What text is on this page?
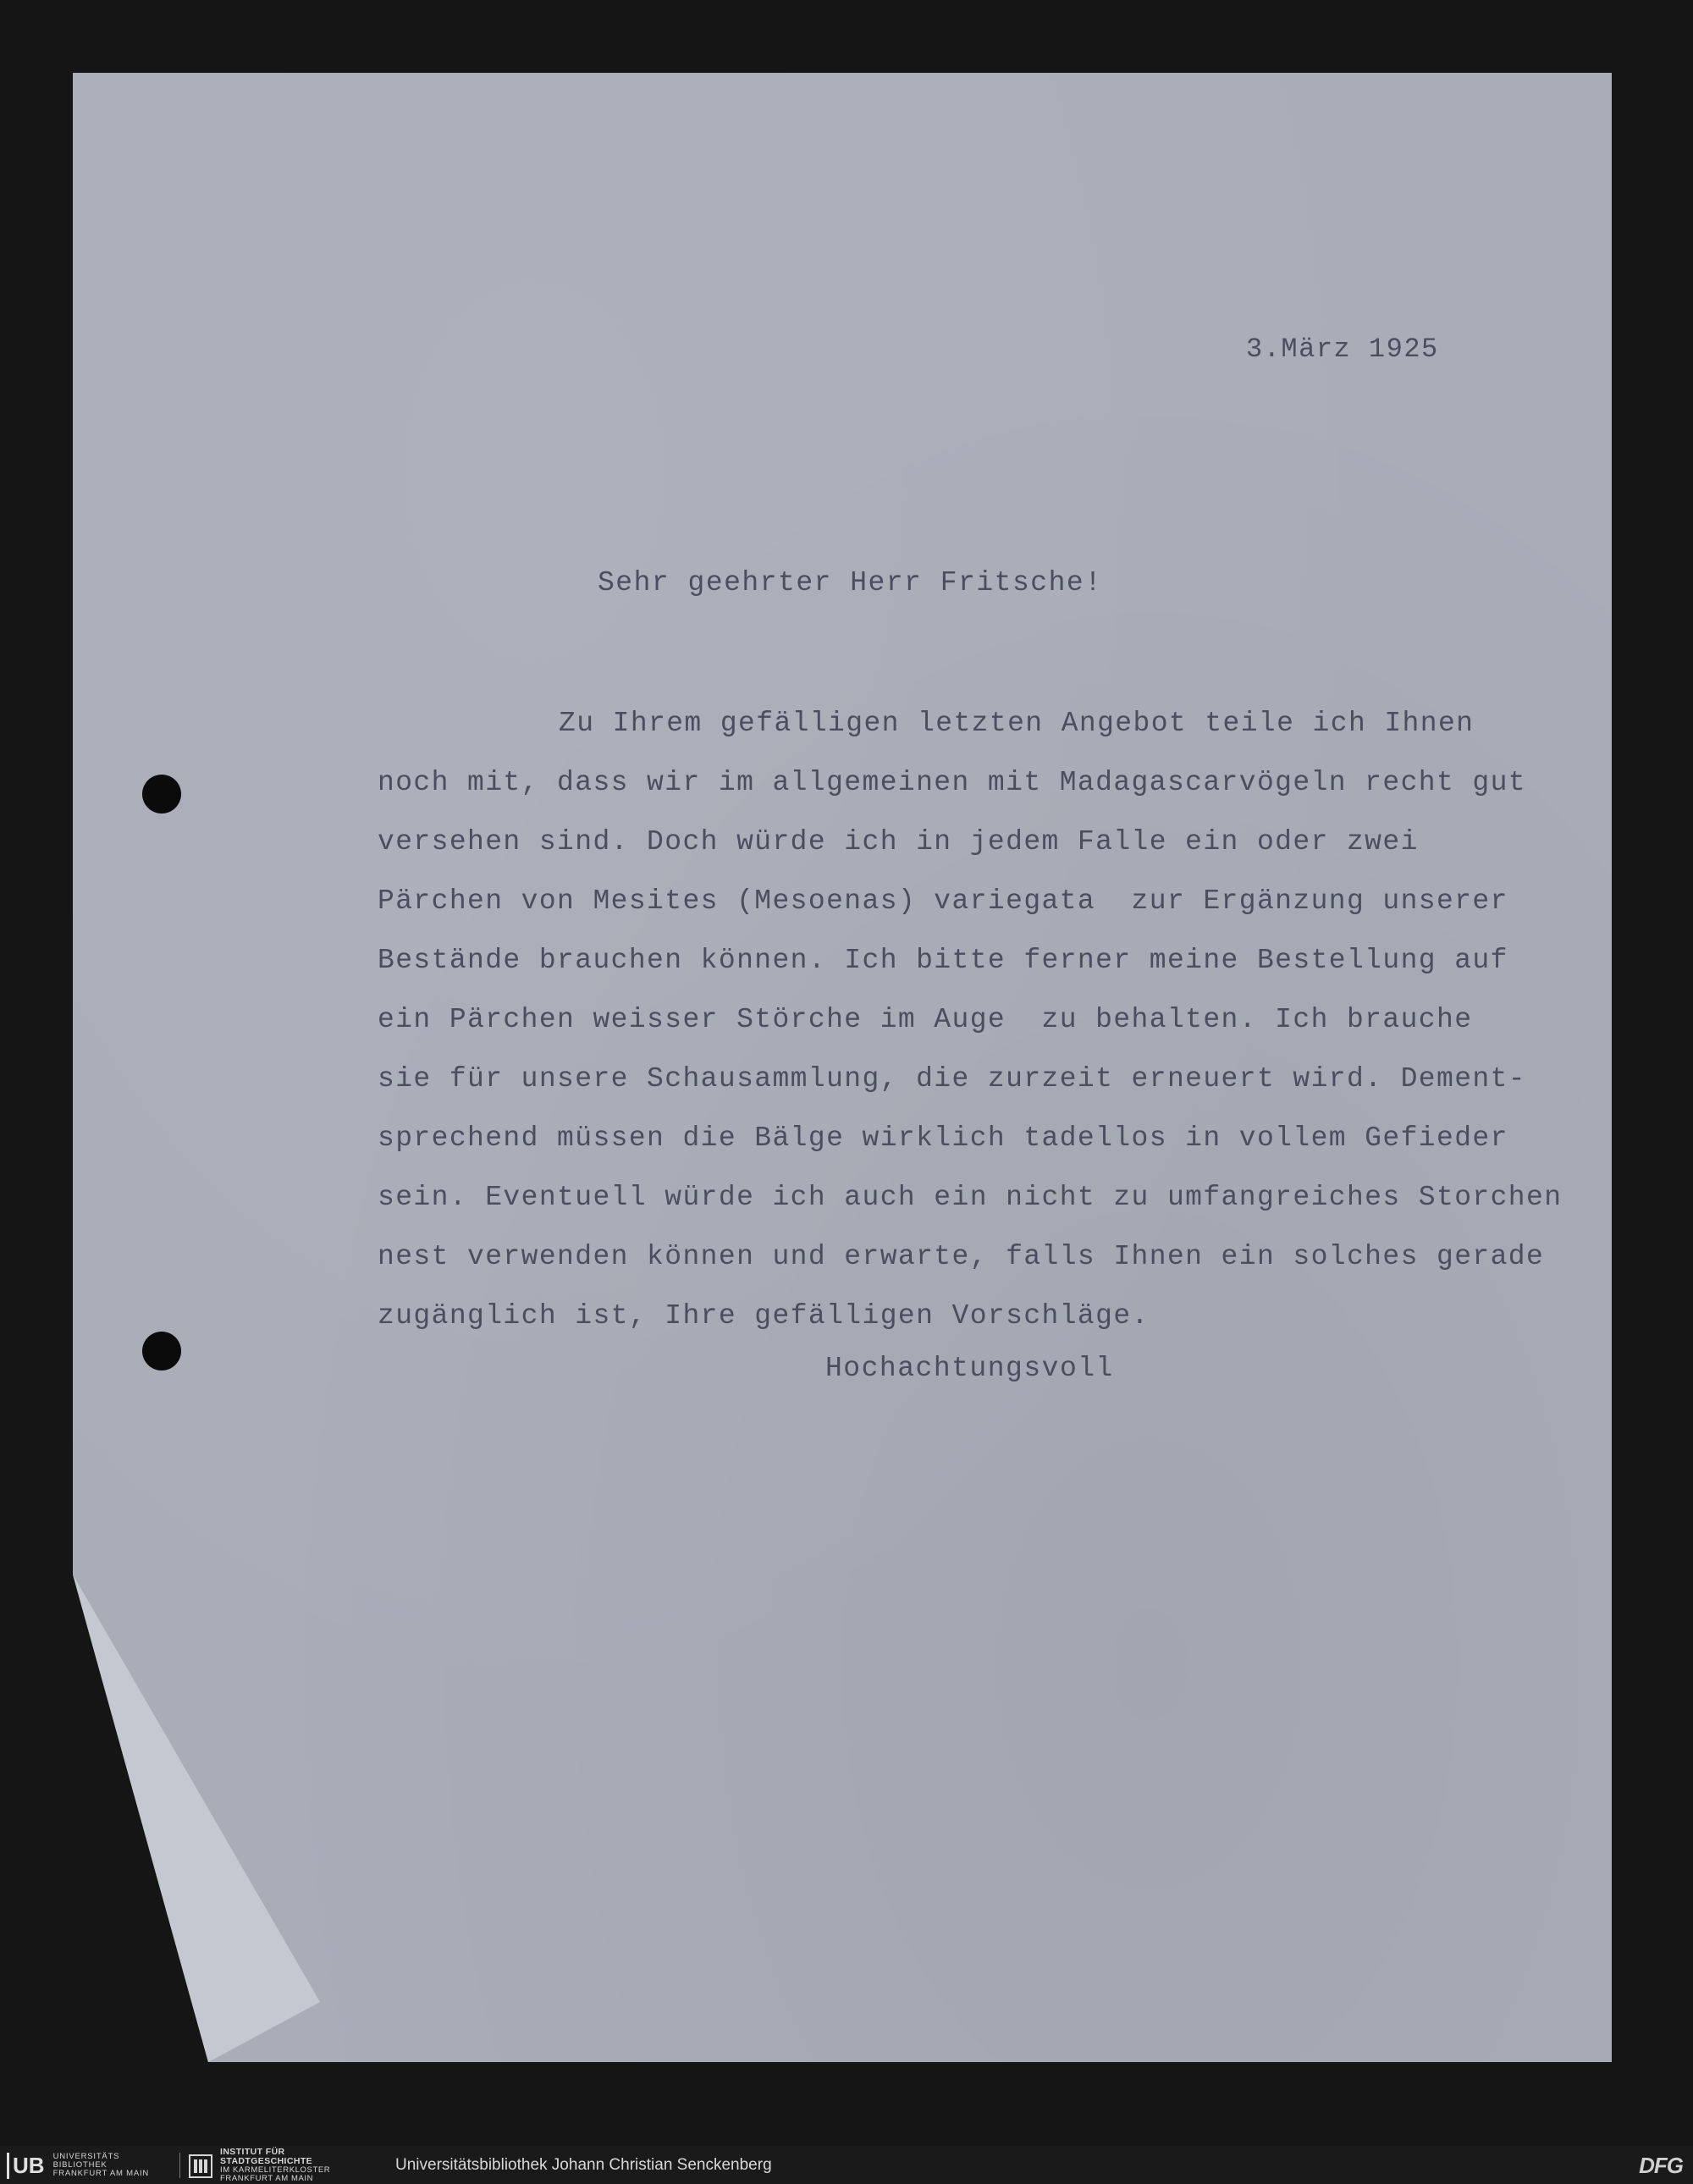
3.März 1925
Sehr geehrter Herr Fritsche!
Zu Ihrem gefälligen letzten Angebot teile ich Ihnen
noch mit, dass wir im allgemeinen mit Madagascarvögeln recht gut
versehen sind. Doch würde ich in jedem Falle ein oder zwei
Pärchen von Mesites (Mesoenas) variegata  zur Ergänzung unserer
Bestände brauchen können. Ich bitte ferner meine Bestellung auf
ein Pärchen weisser Störche im Auge  zu behalten. Ich brauche
sie für unsere Schausammlung, die zurzeit erneuert wird. Dement-
sprechend müssen die Bälge wirklich tadellos in vollem Gefieder
sein. Eventuell würde ich auch ein nicht zu umfangreiches Storchen
nest verwenden können und erwarte, falls Ihnen ein solches gerade
zugänglich ist, Ihre gefälligen Vorschläge.
Hochachtungsvoll
UB UNIVERSITÄTS
BIBLIOTHEK
FRANKFURT AM MAIN
INSTITUT FÜR
STADTGESCHICHTE
IM KARMELITERKLOSTER
FRANKFURT AM MAIN
Universitätsbibliothek Johann Christian Senckenberg	DFG
